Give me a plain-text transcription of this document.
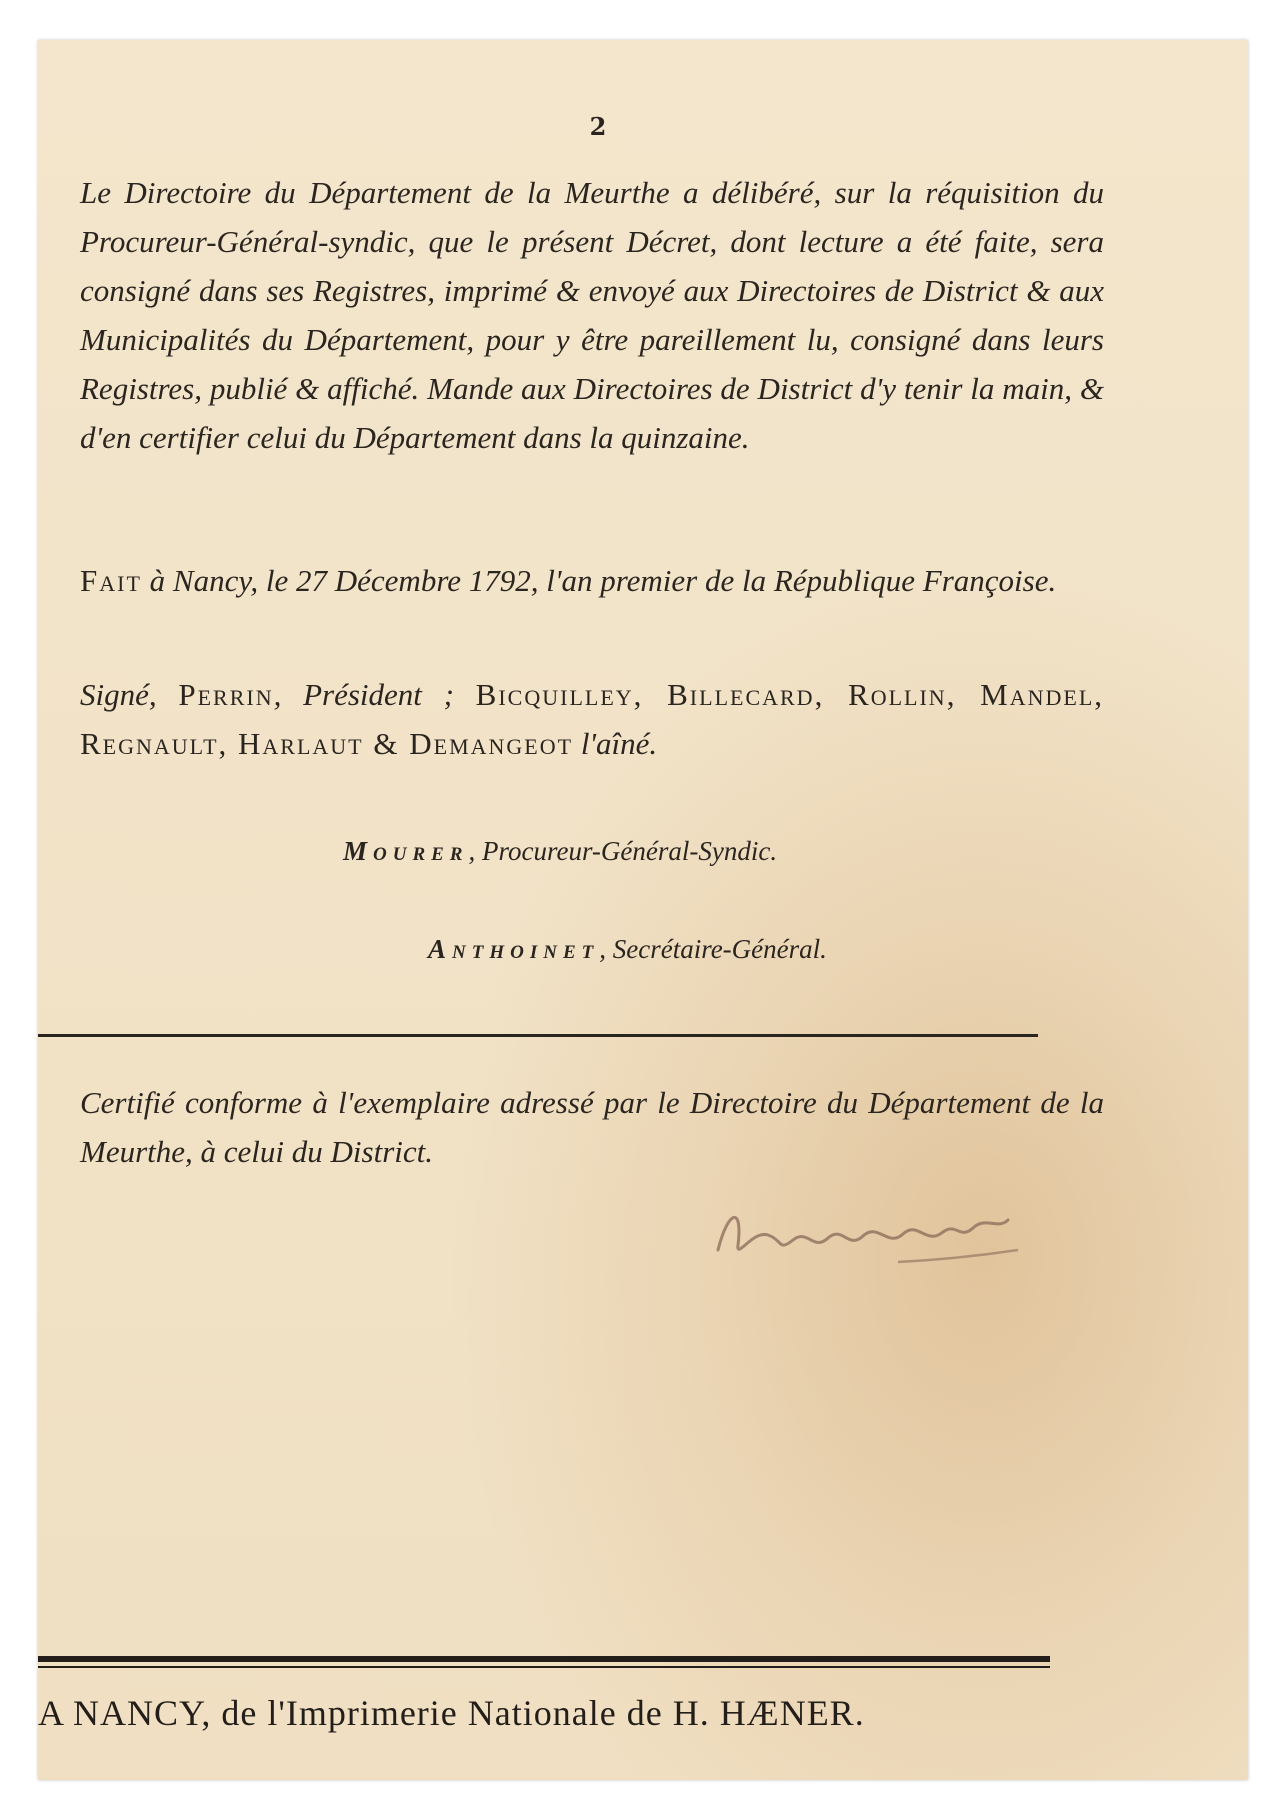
2
Le Directoire du Département de la Meurthe a délibéré, sur la réquisition du Procureur-Général-syndic, que le présent Décret, dont lecture a été faite, sera consigné dans ses Registres, imprimé & envoyé aux Directoires de District & aux Municipalités du Département, pour y être pareillement lu, consigné dans leurs Registres, publié & affiché. Mande aux Directoires de District d'y tenir la main, & d'en certifier celui du Département dans la quinzaine.
Fait à Nancy, le 27 Décembre 1792, l'an premier de la République Françoise.
Signé, Perrin, Président ; Bicquilley, Billecard, Rollin, Mandel, Regnault, Harlaut & Demangeot l'aîné.
Mourer, Procureur-Général-Syndic.
Anthoinet, Secrétaire-Général.
Certifié conforme à l'exemplaire adressé par le Directoire du Département de la Meurthe, à celui du District.
A NANCY, de l'Imprimerie Nationale de H. HÆNER.
